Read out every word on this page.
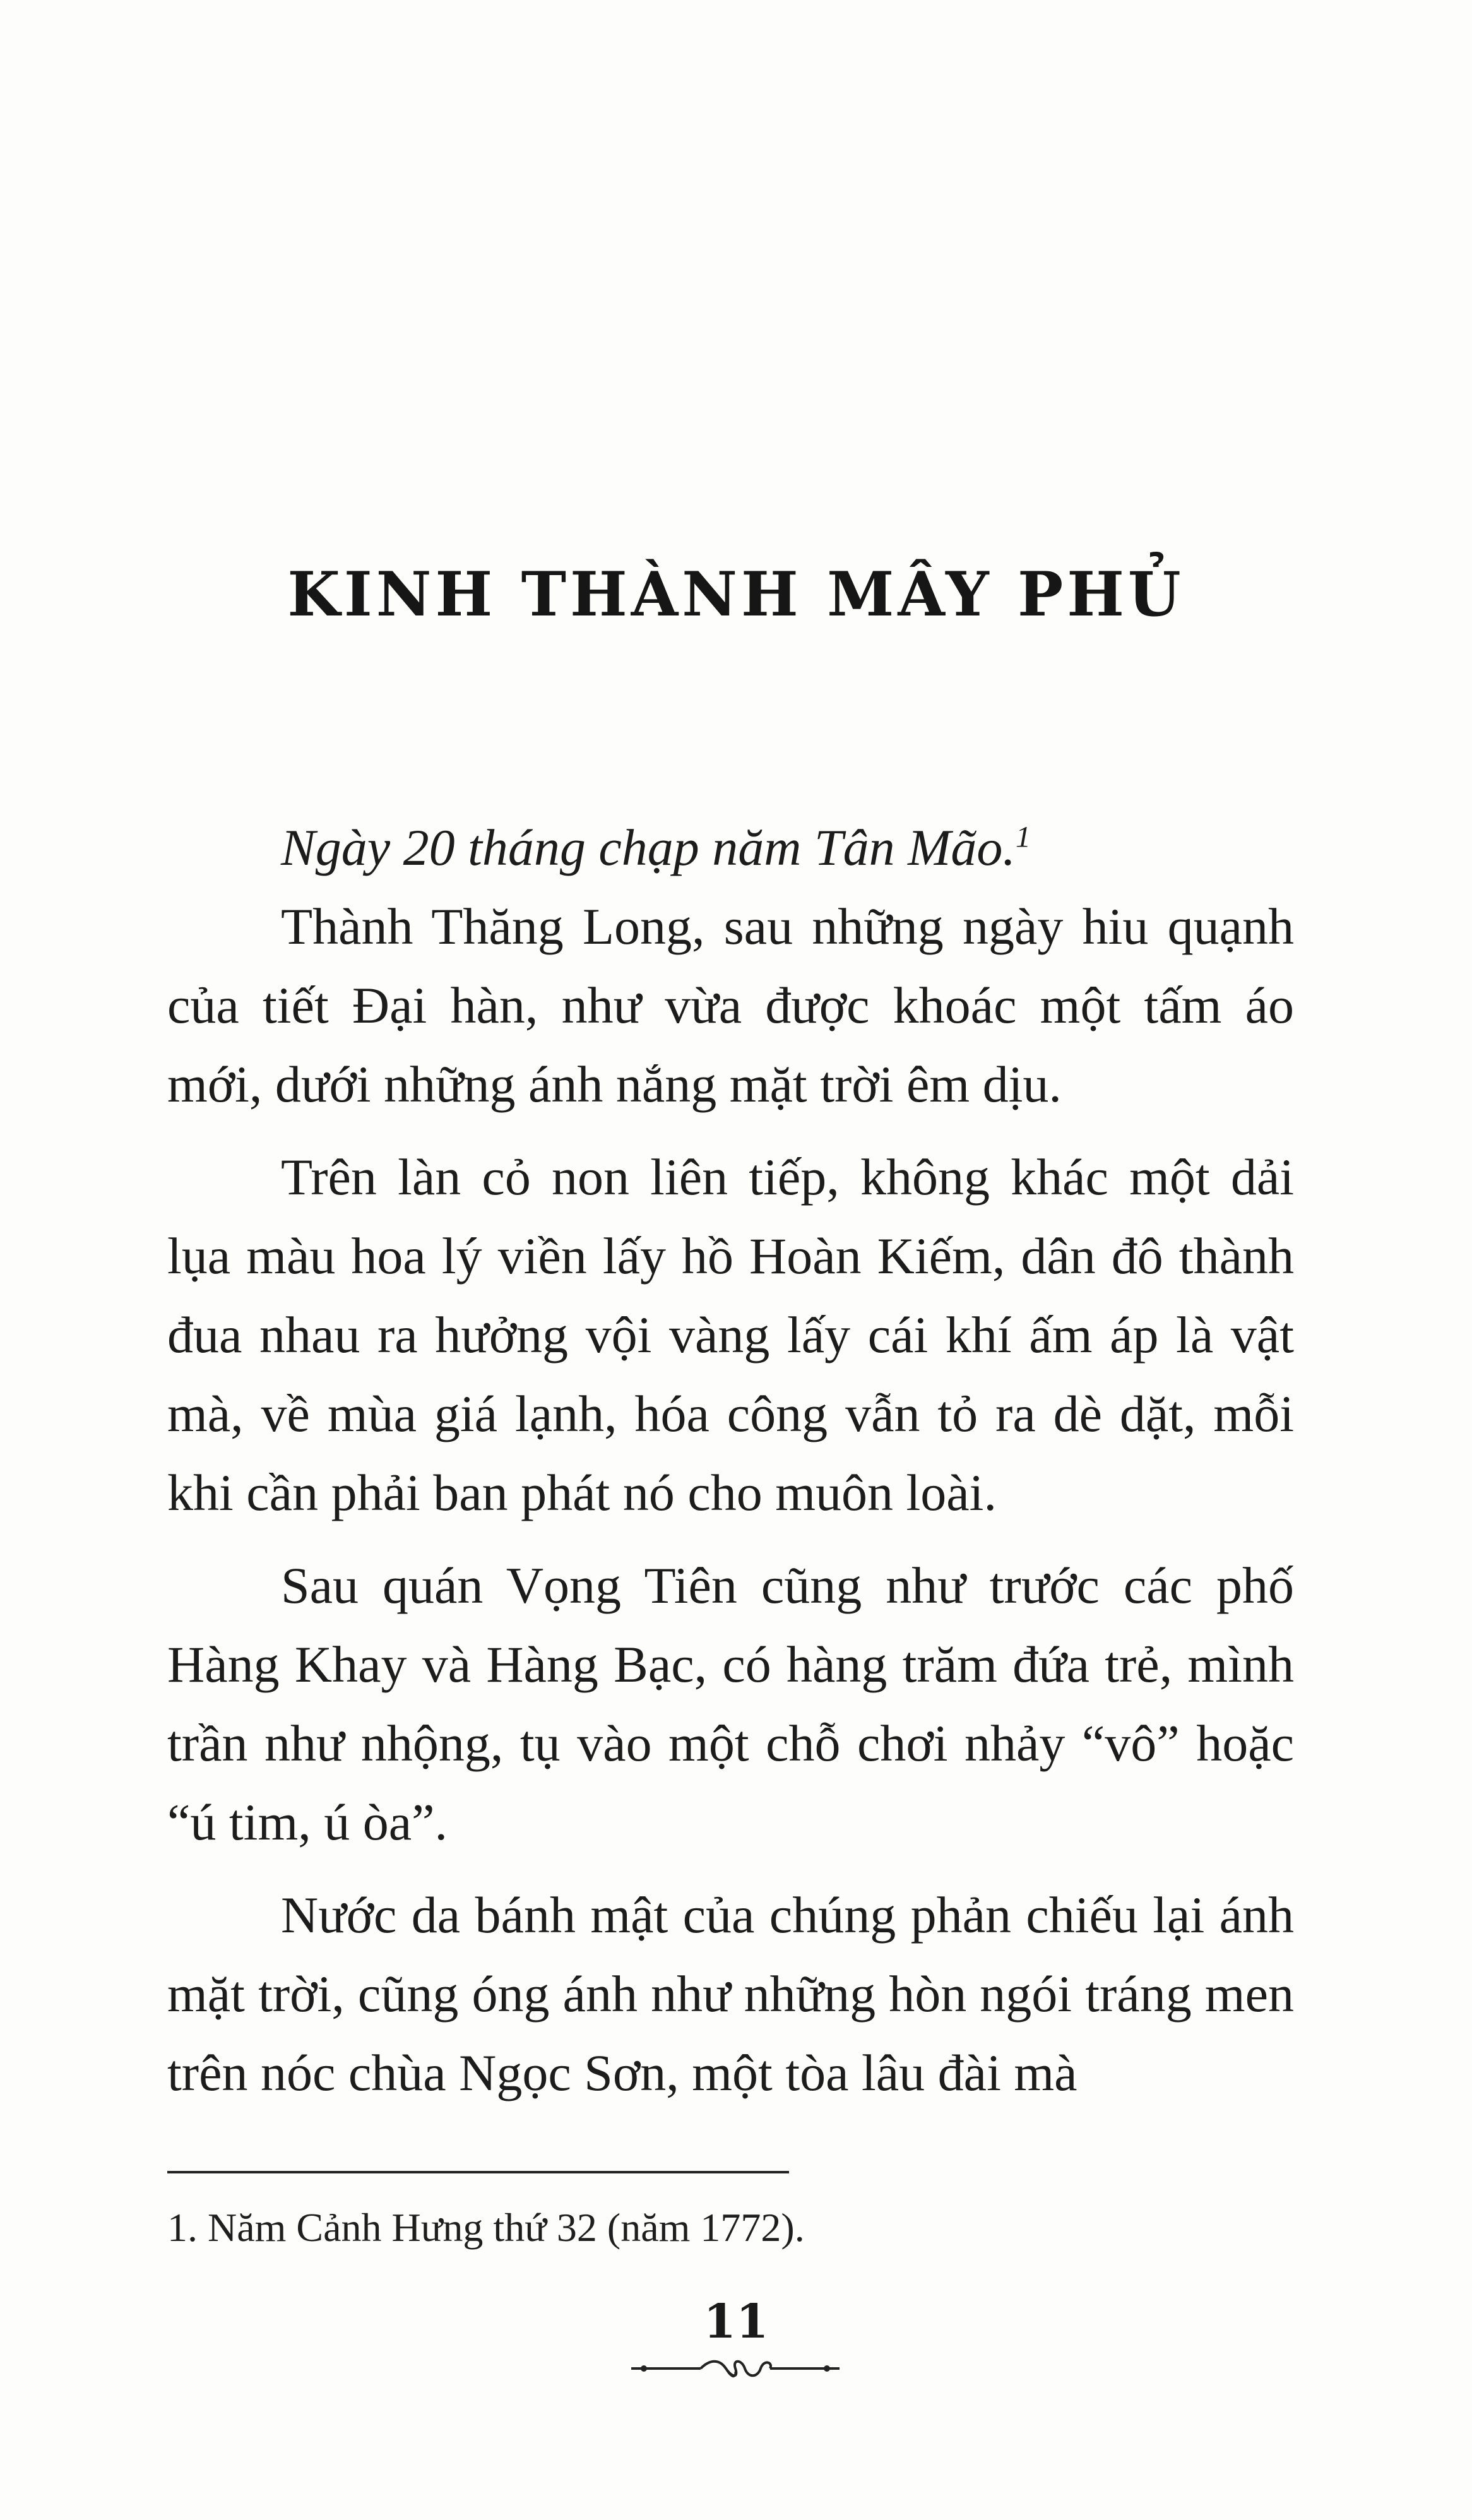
KINH THÀNH MÂY PHỦ

Ngày 20 tháng chạp năm Tân Mão.$^1$

Thành Thăng Long, sau những ngày hiu quạnh của tiết Đại hàn, như vừa được khoác một tấm áo mới, dưới những ánh nắng mặt trời êm dịu.

Trên làn cỏ non liên tiếp, không khác một dải lụa màu hoa lý viền lấy hồ Hoàn Kiếm, dân đô thành đua nhau ra hưởng vội vàng lấy cái khí ấm áp là vật mà, về mùa giá lạnh, hóa công vẫn tỏ ra dè dặt, mỗi khi cần phải ban phát nó cho muôn loài.

Sau quán Vọng Tiên cũng như trước các phố Hàng Khay và Hàng Bạc, có hàng trăm đứa trẻ, mình trần như nhộng, tụ vào một chỗ chơi nhảy “vô” hoặc “ú tim, ú òa”.

Nước da bánh mật của chúng phản chiếu lại ánh mặt trời, cũng óng ánh như những hòn ngói tráng men trên nóc chùa Ngọc Sơn, một tòa lâu đài mà

1. Năm Cảnh Hưng thứ 32 (năm 1772).
11
